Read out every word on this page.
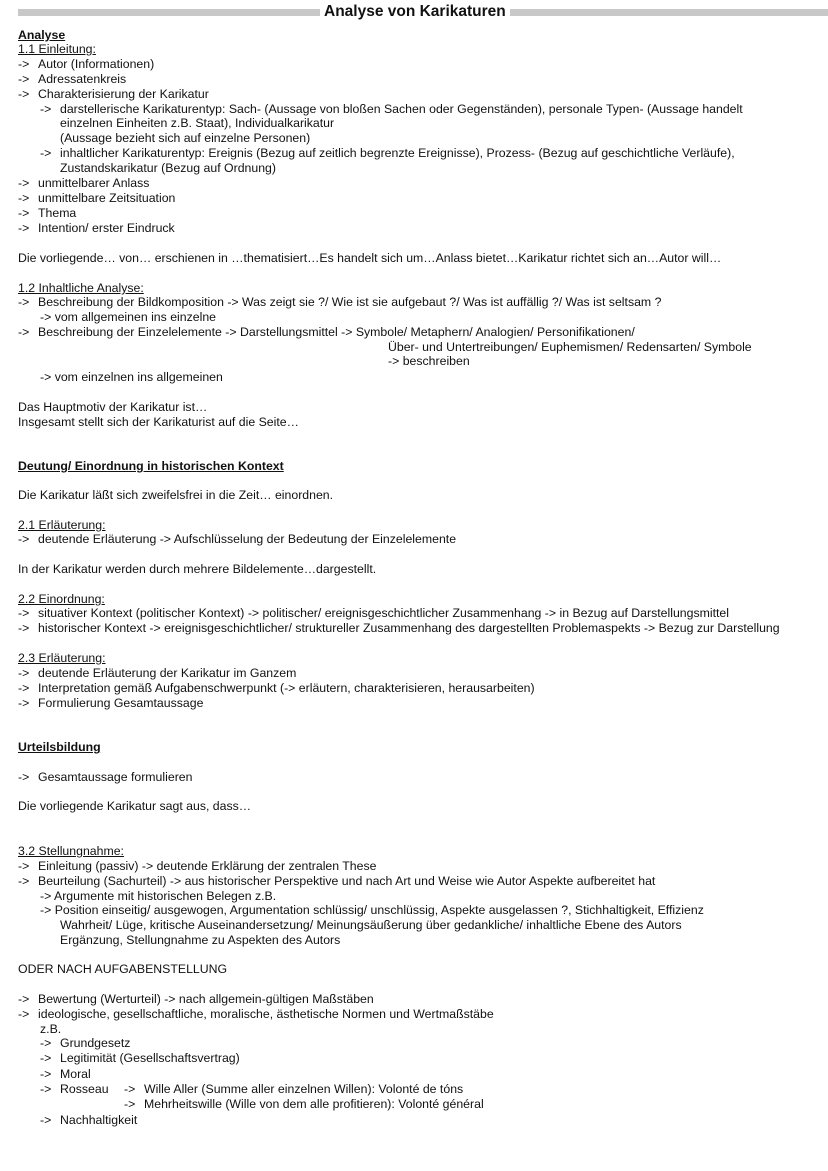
Analyse von Karikaturen
Analyse
1.1 Einleitung:
-> Autor (Informationen)
-> Adressatenkreis
-> Charakterisierung der Karikatur
-> darstellerische Karikaturentyp: Sach- (Aussage von bloßen Sachen oder Gegenständen), personale Typen- (Aussage handelt
einzelnen Einheiten z.B. Staat), Individualkarikatur
(Aussage bezieht sich auf einzelne Personen)
-> inhaltlicher Karikaturentyp: Ereignis (Bezug auf zeitlich begrenzte Ereignisse), Prozess- (Bezug auf geschichtliche Verläufe),
Zustandskarikatur (Bezug auf Ordnung)
-> unmittelbarer Anlass
-> unmittelbare Zeitsituation
-> Thema
-> Intention/ erster Eindruck
Die vorliegende… von… erschienen in …thematisiert…Es handelt sich um…Anlass bietet…Karikatur richtet sich an…Autor will…
1.2 Inhaltliche Analyse:
-> Beschreibung der Bildkomposition -> Was zeigt sie ?/ Wie ist sie aufgebaut ?/ Was ist auffällig ?/ Was ist seltsam ?
-> vom allgemeinen ins einzelne
-> Beschreibung der Einzelelemente -> Darstellungsmittel -> Symbole/ Metaphern/ Analogien/ Personifikationen/
Über- und Untertreibungen/ Euphemismen/ Redensarten/ Symbole
-> beschreiben
-> vom einzelnen ins allgemeinen
Das Hauptmotiv der Karikatur ist…
Insgesamt stellt sich der Karikaturist auf die Seite…
Deutung/ Einordnung in historischen Kontext
Die Karikatur läßt sich zweifelsfrei in die Zeit… einordnen.
2.1 Erläuterung:
-> deutende Erläuterung -> Aufschlüsselung der Bedeutung der Einzelelemente
In der Karikatur werden durch mehrere Bildelemente…dargestellt.
2.2 Einordnung:
-> situativer Kontext (politischer Kontext) -> politischer/ ereignisgeschichtlicher Zusammenhang -> in Bezug auf Darstellungsmittel
-> historischer Kontext -> ereignisgeschichtlicher/ struktureller Zusammenhang des dargestellten Problemaspekts -> Bezug zur Darstellung
2.3 Erläuterung:
-> deutende Erläuterung der Karikatur im Ganzem
-> Interpretation gemäß Aufgabenschwerpunkt (-> erläutern, charakterisieren, herausarbeiten)
-> Formulierung Gesamtaussage
Urteilsbildung
-> Gesamtaussage formulieren
Die vorliegende Karikatur sagt aus, dass…
3.2 Stellungnahme:
-> Einleitung (passiv) -> deutende Erklärung der zentralen These
-> Beurteilung (Sachurteil) -> aus historischer Perspektive und nach Art und Weise wie Autor Aspekte aufbereitet hat
-> Argumente mit historischen Belegen z.B.
-> Position einseitig/ ausgewogen, Argumentation schlüssig/ unschlüssig, Aspekte ausgelassen ?, Stichhaltigkeit, Effizienz
Wahrheit/ Lüge, kritische Auseinandersetzung/ Meinungsäußerung über gedankliche/ inhaltliche Ebene des Autors
Ergänzung, Stellungnahme zu Aspekten des Autors
ODER NACH AUFGABENSTELLUNG
-> Bewertung (Werturteil) -> nach allgemein-gültigen Maßstäben
-> ideologische, gesellschaftliche, moralische, ästhetische Normen und Wertmaßstäbe
z.B.
-> Grundgesetz
-> Legitimität (Gesellschaftsvertrag)
-> Moral
-> Rosseau	-> Wille Aller (Summe aller einzelnen Willen): Volonté de tóns
-> Mehrheitswille (Wille von dem alle profitieren): Volonté général
-> Nachhaltigkeit
